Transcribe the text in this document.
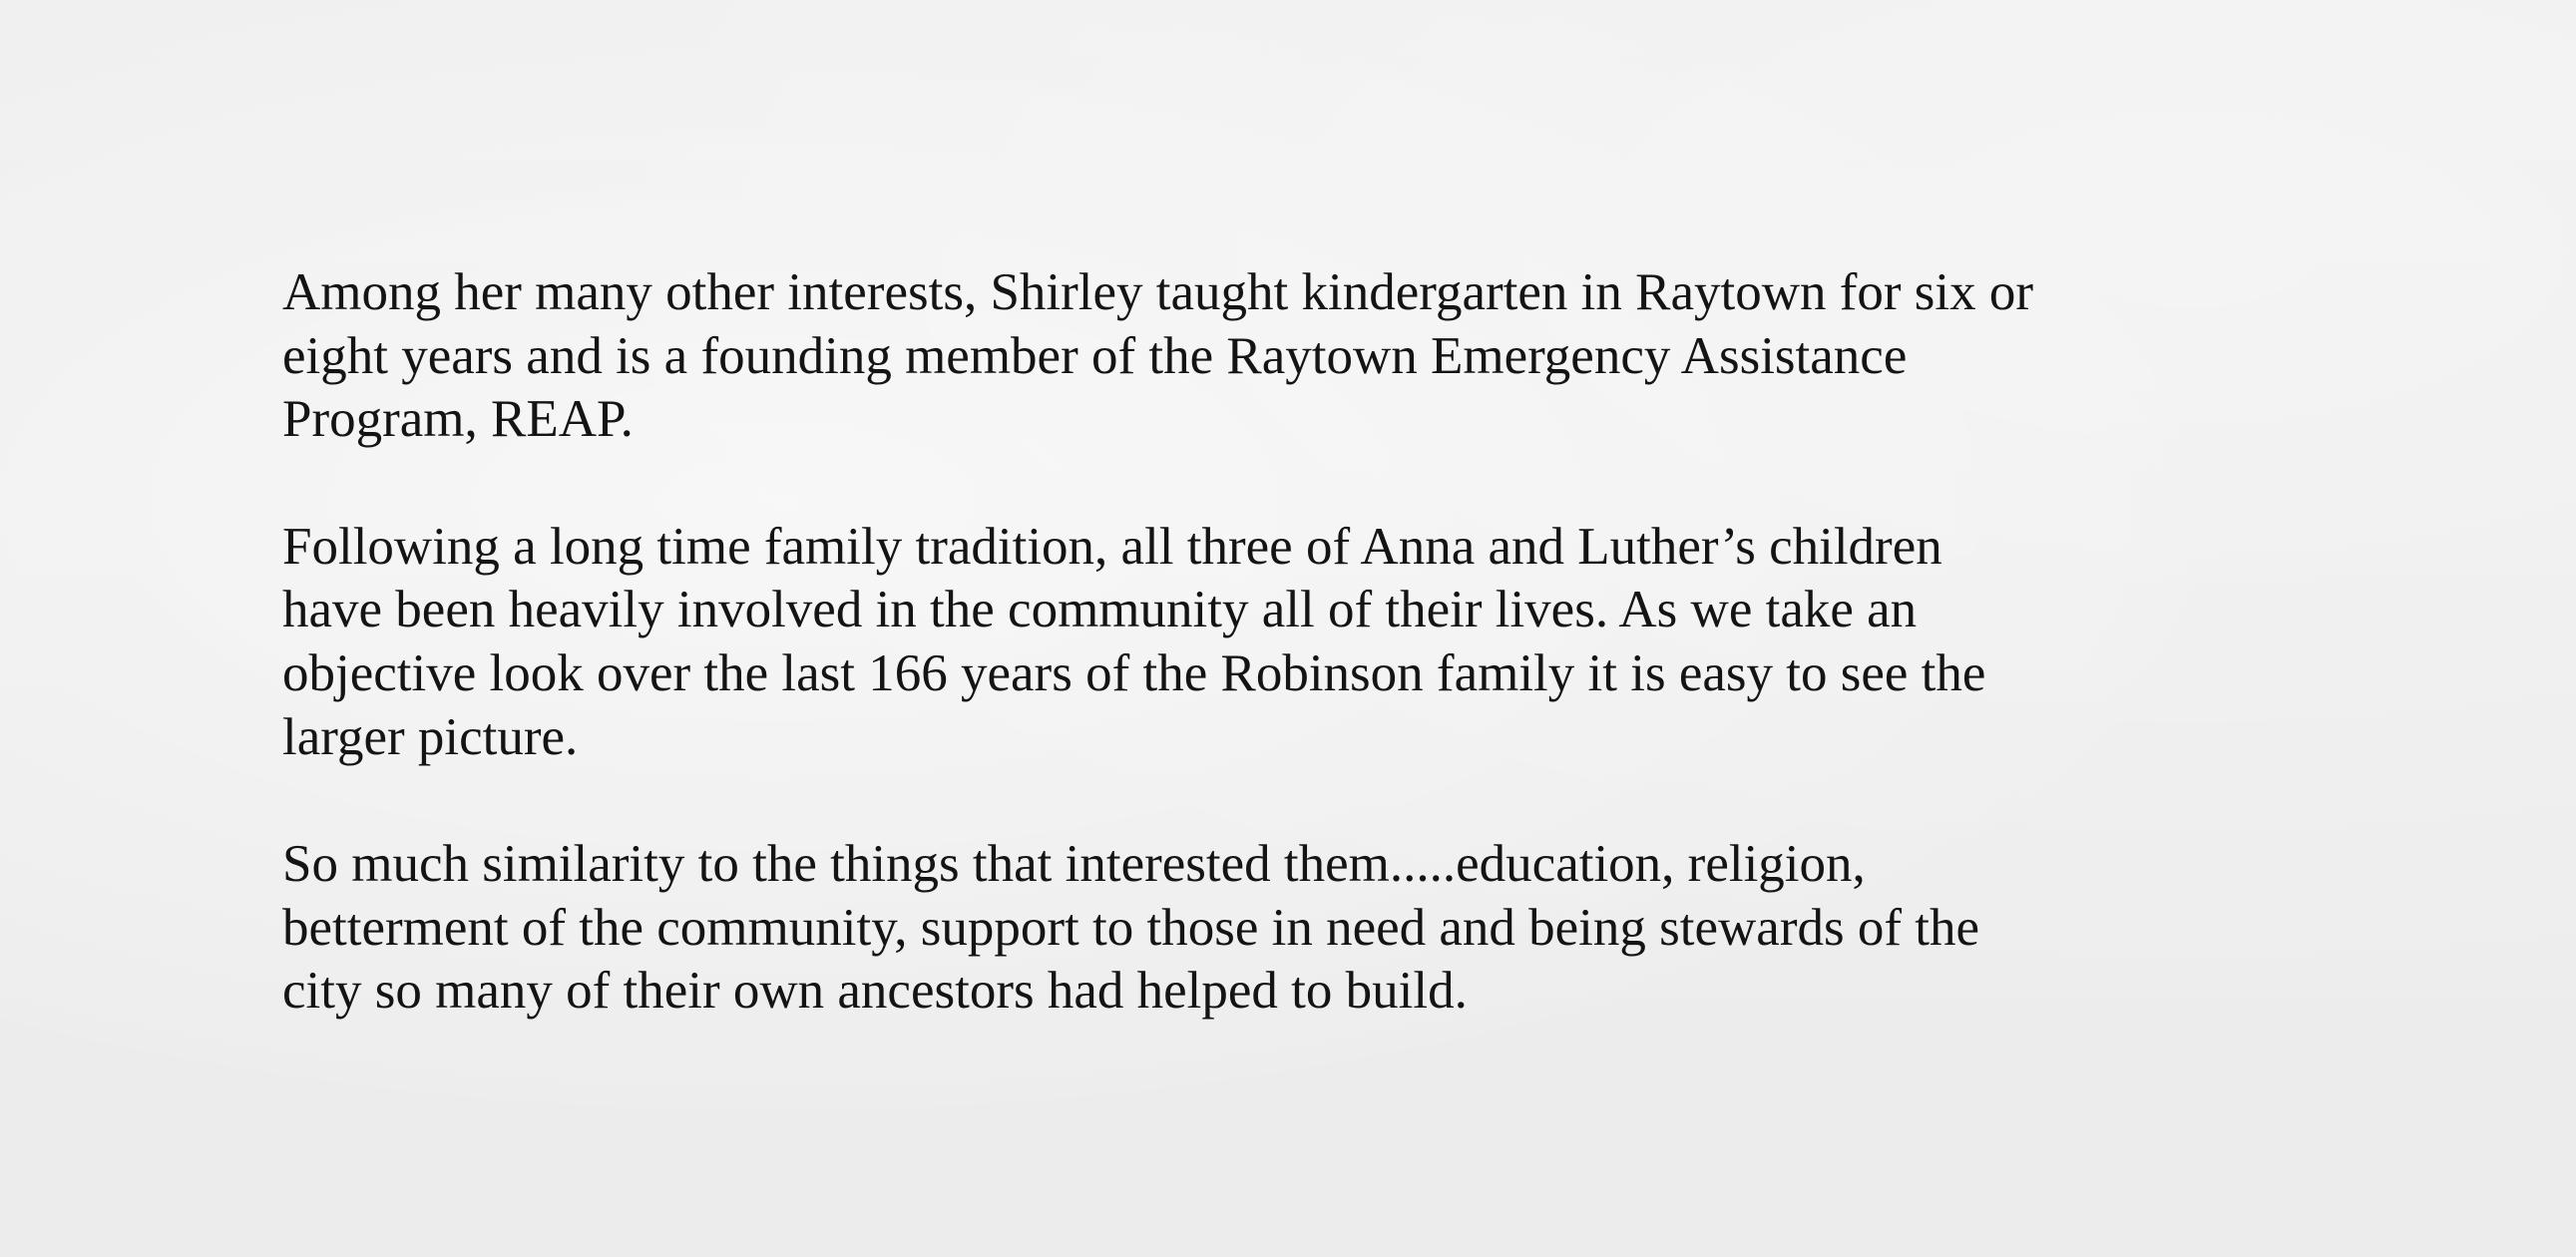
Among her many other interests, Shirley taught kindergarten in Raytown for six or
eight years and is a founding member of the Raytown Emergency Assistance
Program, REAP.

Following a long time family tradition, all three of Anna and Luther’s children
have been heavily involved in the community all of their lives. As we take an
objective look over the last 166 years of the Robinson family it is easy to see the
larger picture.

So much similarity to the things that interested them.....education, religion,
betterment of the community, support to those in need and being stewards of the
city so many of their own ancestors had helped to build.
